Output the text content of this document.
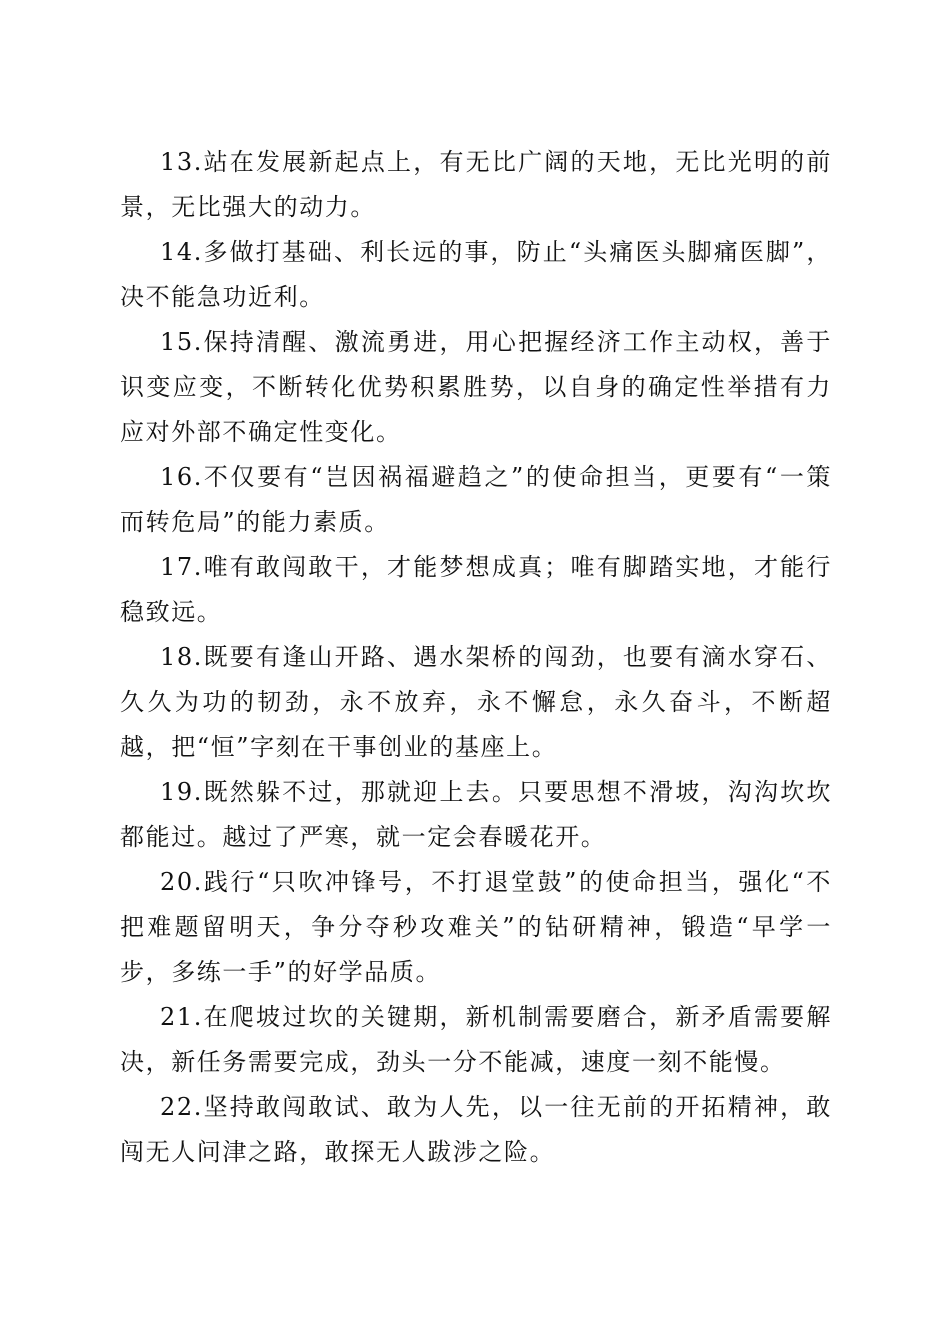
13.站在发展新起点上，有无比广阔的天地，无比光明的前景，无比强大的动力。

14.多做打基础、利长远的事，防止“头痛医头脚痛医脚”，决不能急功近利。

15.保持清醒、激流勇进，用心把握经济工作主动权，善于识变应变，不断转化优势积累胜势，以自身的确定性举措有力应对外部不确定性变化。

16.不仅要有“岂因祸福避趋之”的使命担当，更要有“一策而转危局”的能力素质。

17.唯有敢闯敢干，才能梦想成真；唯有脚踏实地，才能行稳致远。

18.既要有逢山开路、遇水架桥的闯劲，也要有滴水穿石、久久为功的韧劲，永不放弃，永不懈怠，永久奋斗，不断超越，把“恒”字刻在干事创业的基座上。

19.既然躲不过，那就迎上去。只要思想不滑坡，沟沟坎坎都能过。越过了严寒，就一定会春暖花开。

20.践行“只吹冲锋号，不打退堂鼓”的使命担当，强化“不把难题留明天，争分夺秒攻难关”的钻研精神，锻造“早学一步，多练一手”的好学品质。

21.在爬坡过坎的关键期，新机制需要磨合，新矛盾需要解决，新任务需要完成，劲头一分不能减，速度一刻不能慢。

22.坚持敢闯敢试、敢为人先，以一往无前的开拓精神，敢闯无人问津之路，敢探无人跋涉之险。
